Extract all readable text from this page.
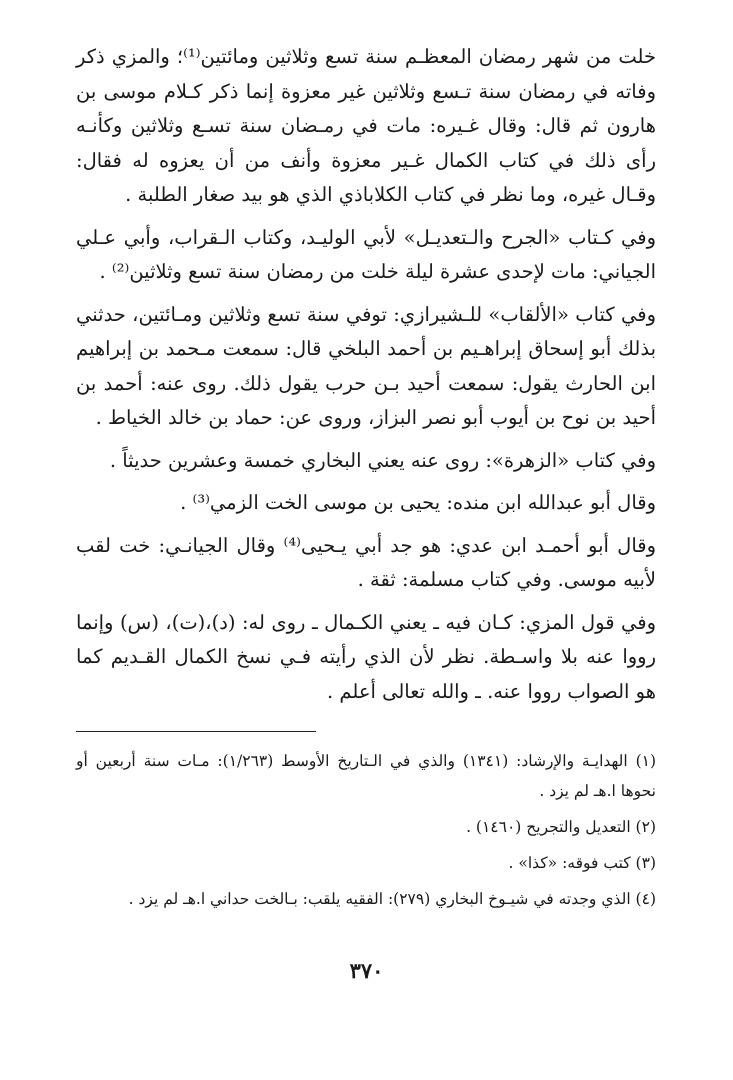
خلت من شهر رمضان المعظـم سنة تسع وثلاثين ومائتين⁽¹⁾؛ والمزي ذكر وفاته في رمضان سنة تـسع وثلاثين غير معزوة إنما ذكر كـلام موسى بن هارون ثم قال: وقال غـيره: مات في رمـضان سنة تسـع وثلاثين وكأنـه رأى ذلك في كتاب الكمال غـير معزوة وأنف من أن يعزوه له فقال: وقـال غيره، وما نظر في كتاب الكلاباذي الذي هو بيد صغار الطلبة .

وفي كـتاب «الجرح والـتعديـل» لأبي الوليـد، وكتاب الـقراب، وأبي عـلي الجياني: مات لإحدى عشرة ليلة خلت من رمضان سنة تسع وثلاثين⁽²⁾ .

وفي كتاب «الألقاب» للـشيرازي: توفي سنة تسع وثلاثين ومـائتين، حدثني بذلك أبو إسحاق إبراهـيم بن أحمد البلخي قال: سمعت مـحمد بن إبراهيم ابن الحارث يقول: سمعت أحيد بـن حرب يقول ذلك. روى عنه: أحمد بن أحيد بن نوح بن أيوب أبو نصر البزاز، وروى عن: حماد بن خالد الخياط .

وفي كتاب «الزهرة»: روى عنه يعني البخاري خمسة وعشرين حديثاً .

وقال أبو عبدالله ابن منده: يحيى بن موسى الخت الزمي⁽³⁾ .

وقال أبو أحمـد ابن عدي: هو جد أبي يـحيى⁽⁴⁾ وقال الجيانـي: خت لقب لأبيه موسى. وفي كتاب مسلمة: ثقة .

وفي قول المزي: كـان فيه ـ يعني الكـمال ـ روى له: (د)،(ت)، (س) وإنما رووا عنه بلا واسـطة. نظر لأن الذي رأيته فـي نسخ الكمال القـديم كما هو الصواب رووا عنه. ـ والله تعالى أعلم .

(١) الهدايـة والإرشاد: (١٣٤١) والذي في الـتاريخ الأوسط (١/٢٦٣): مـات سنة أربعين أو نحوها ا.هـ لم يزد .

(٢) التعديل والتجريح (١٤٦٠) .

(٣) كتب فوقه: «كذا» .

(٤) الذي وجدته في شيـوخ البخاري (٢٧٩): الفقيه يلقب: بـالخت حداني ا.هـ لم يزد .

٣٧٠
